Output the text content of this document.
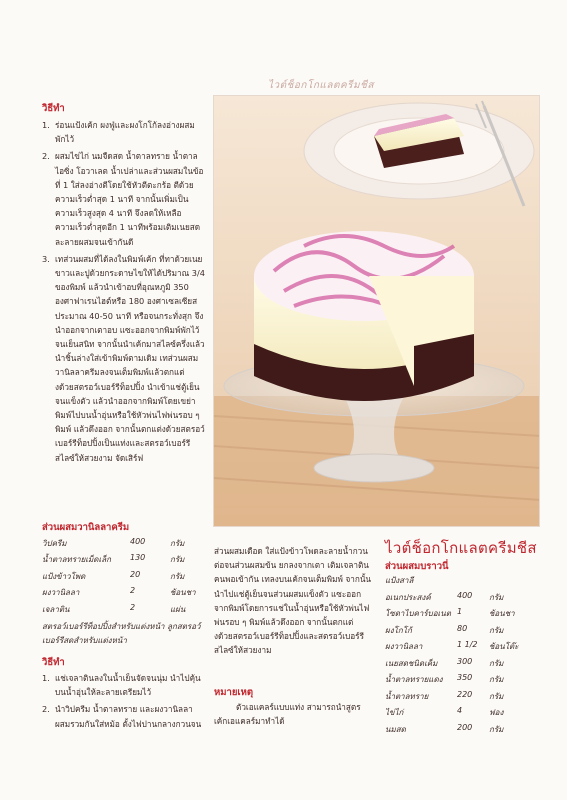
วิธีทำ
1. ร่อนแป้งเค้ก ผงฟู่และผงโกโก้ลงอ่างผสม พักไว้
2. ผสมไข่ไก่ นมจืดสด น้ำตาลทราย น้ำตาลไอซิ่ง โอวาเลต น้ำเปล่าและส่วนผสมในข้อที่ 1 ใส่ลงอ่างตีโดยใช้หัวตีตะกร้อ ตีด้วยความเร็วต่ำสุด 1 นาที จากนั้นเพิ่มเป็นความเร็วสูงสุด 4 นาที จึงลดให้เหลือความเร็วต่ำสุดอีก 1 นาทีพร้อมเติมเนยสดละลายผสมจนเข้ากันดี
3. เทส่วนผสมที่ได้ลงในพิมพ์เค้ก ที่ทาด้วยเนยขาวและปูด้วยกระดาษไขให้ได้ปริมาณ 3/4 ของพิมพ์ แล้วนำเข้าอบที่อุณหภูมิ 350 องศาฟาเรนไฮต์หรือ 180 องศาเซลเซียส ประมาณ 40-50 นาที หรือจนกระทั่งสุก จึงนำออกจากเตาอบ แซะออกจากพิมพ์พักไว้จนเย็นสนิท จากนั้นนำเค้กมาสไลซ์ครึ่งแล้วนำชิ้นล่างใส่เข้าพิมพ์ตามเดิม เทส่วนผสมวานิลลาครีมลงจนเต็มพิมพ์แล้วตกแต่งด้วยสตรอว์เบอร์รีท็อปปิ้ง นำเข้าแช่ตู้เย็นจนแข็งตัว แล้วนำออกจากพิมพ์โดยเขย่าพิมพ์ไปบนน้ำอุ่นหรือใช้หัวพ่นไฟพ่นรอบ ๆ พิมพ์ แล้วดึงออก จากนั้นตกแต่งด้วยสตรอว์เบอร์รีท็อปปิ้งเป็นแท่งและสตรอว์เบอร์รีสไลซ์ให้สวยงาม จัดเสิร์ฟ
ไวต์ช็อกโกแลตครีมชีส
ส่วนผสมวานิลลาครีม
วิปครีม	400	กรัม
น้ำตาลทรายเม็ดเล็ก	130	กรัม
แป้งข้าวโพด	20	กรัม
ผงวานิลลา	2	ช้อนชา
เจลาติน	2	แผ่น
สตรอว์เบอร์รีท็อปปิ้งสำหรับแต่งหน้า ลูกสตรอว์เบอร์รีสดสำหรับแต่งหน้า
วิธีทำ
1. แช่เจลาตินลงในน้ำเย็นจัดจนนุ่ม นำไปคุ้นบนน้ำอุ่นให้ละลายเตรียมไว้
2. นำวิปครีม น้ำตาลทราย และผงวานิลลาผสมรวมกันใส่หม้อ ตั้งไฟปานกลางกวนจน
ส่วนผสมเดือด ใส่แป้งข้าวโพดละลายน้ำกวนต่อจนส่วนผสมข้น ยกลงจากเตา เติมเจลาติน คนพอเข้ากัน เทลงบนเค้กจนเต็มพิมพ์ จากนั้นนำไปแช่ตู้เย็นจนส่วนผสมแข็งตัว แซะออกจากพิมพ์โดยการแช่ในน้ำอุ่นหรือใช้หัวพ่นไฟพ่นรอบ ๆ พิมพ์แล้วดึงออก จากนั้นตกแต่งด้วยสตรอว์เบอร์รีท็อปปิ้งและสตรอว์เบอร์รีสไลซ์ให้สวยงาม
หมายเหตุ
ตัวเอแคลร์แบบแท่ง สามารถนำสูตรเค้กเอแคลร์มาทำได้
ไวต์ช็อกโกแลตครีมชีส
ส่วนผสมบราวนี่
แป้งสาลี
อเนกประสงค์	400	กรัม
โซดาไบคาร์บอเนต	1	ช้อนชา
ผงโกโก้	80	กรัม
ผงวานิลลา	1 1/2	ช้อนโต๊ะ
เนยสดชนิดเค็ม	300	กรัม
น้ำตาลทรายแดง	350	กรัม
น้ำตาลทราย	220	กรัม
ไข่ไก่	4	ฟอง
นมสด	200	กรัม
